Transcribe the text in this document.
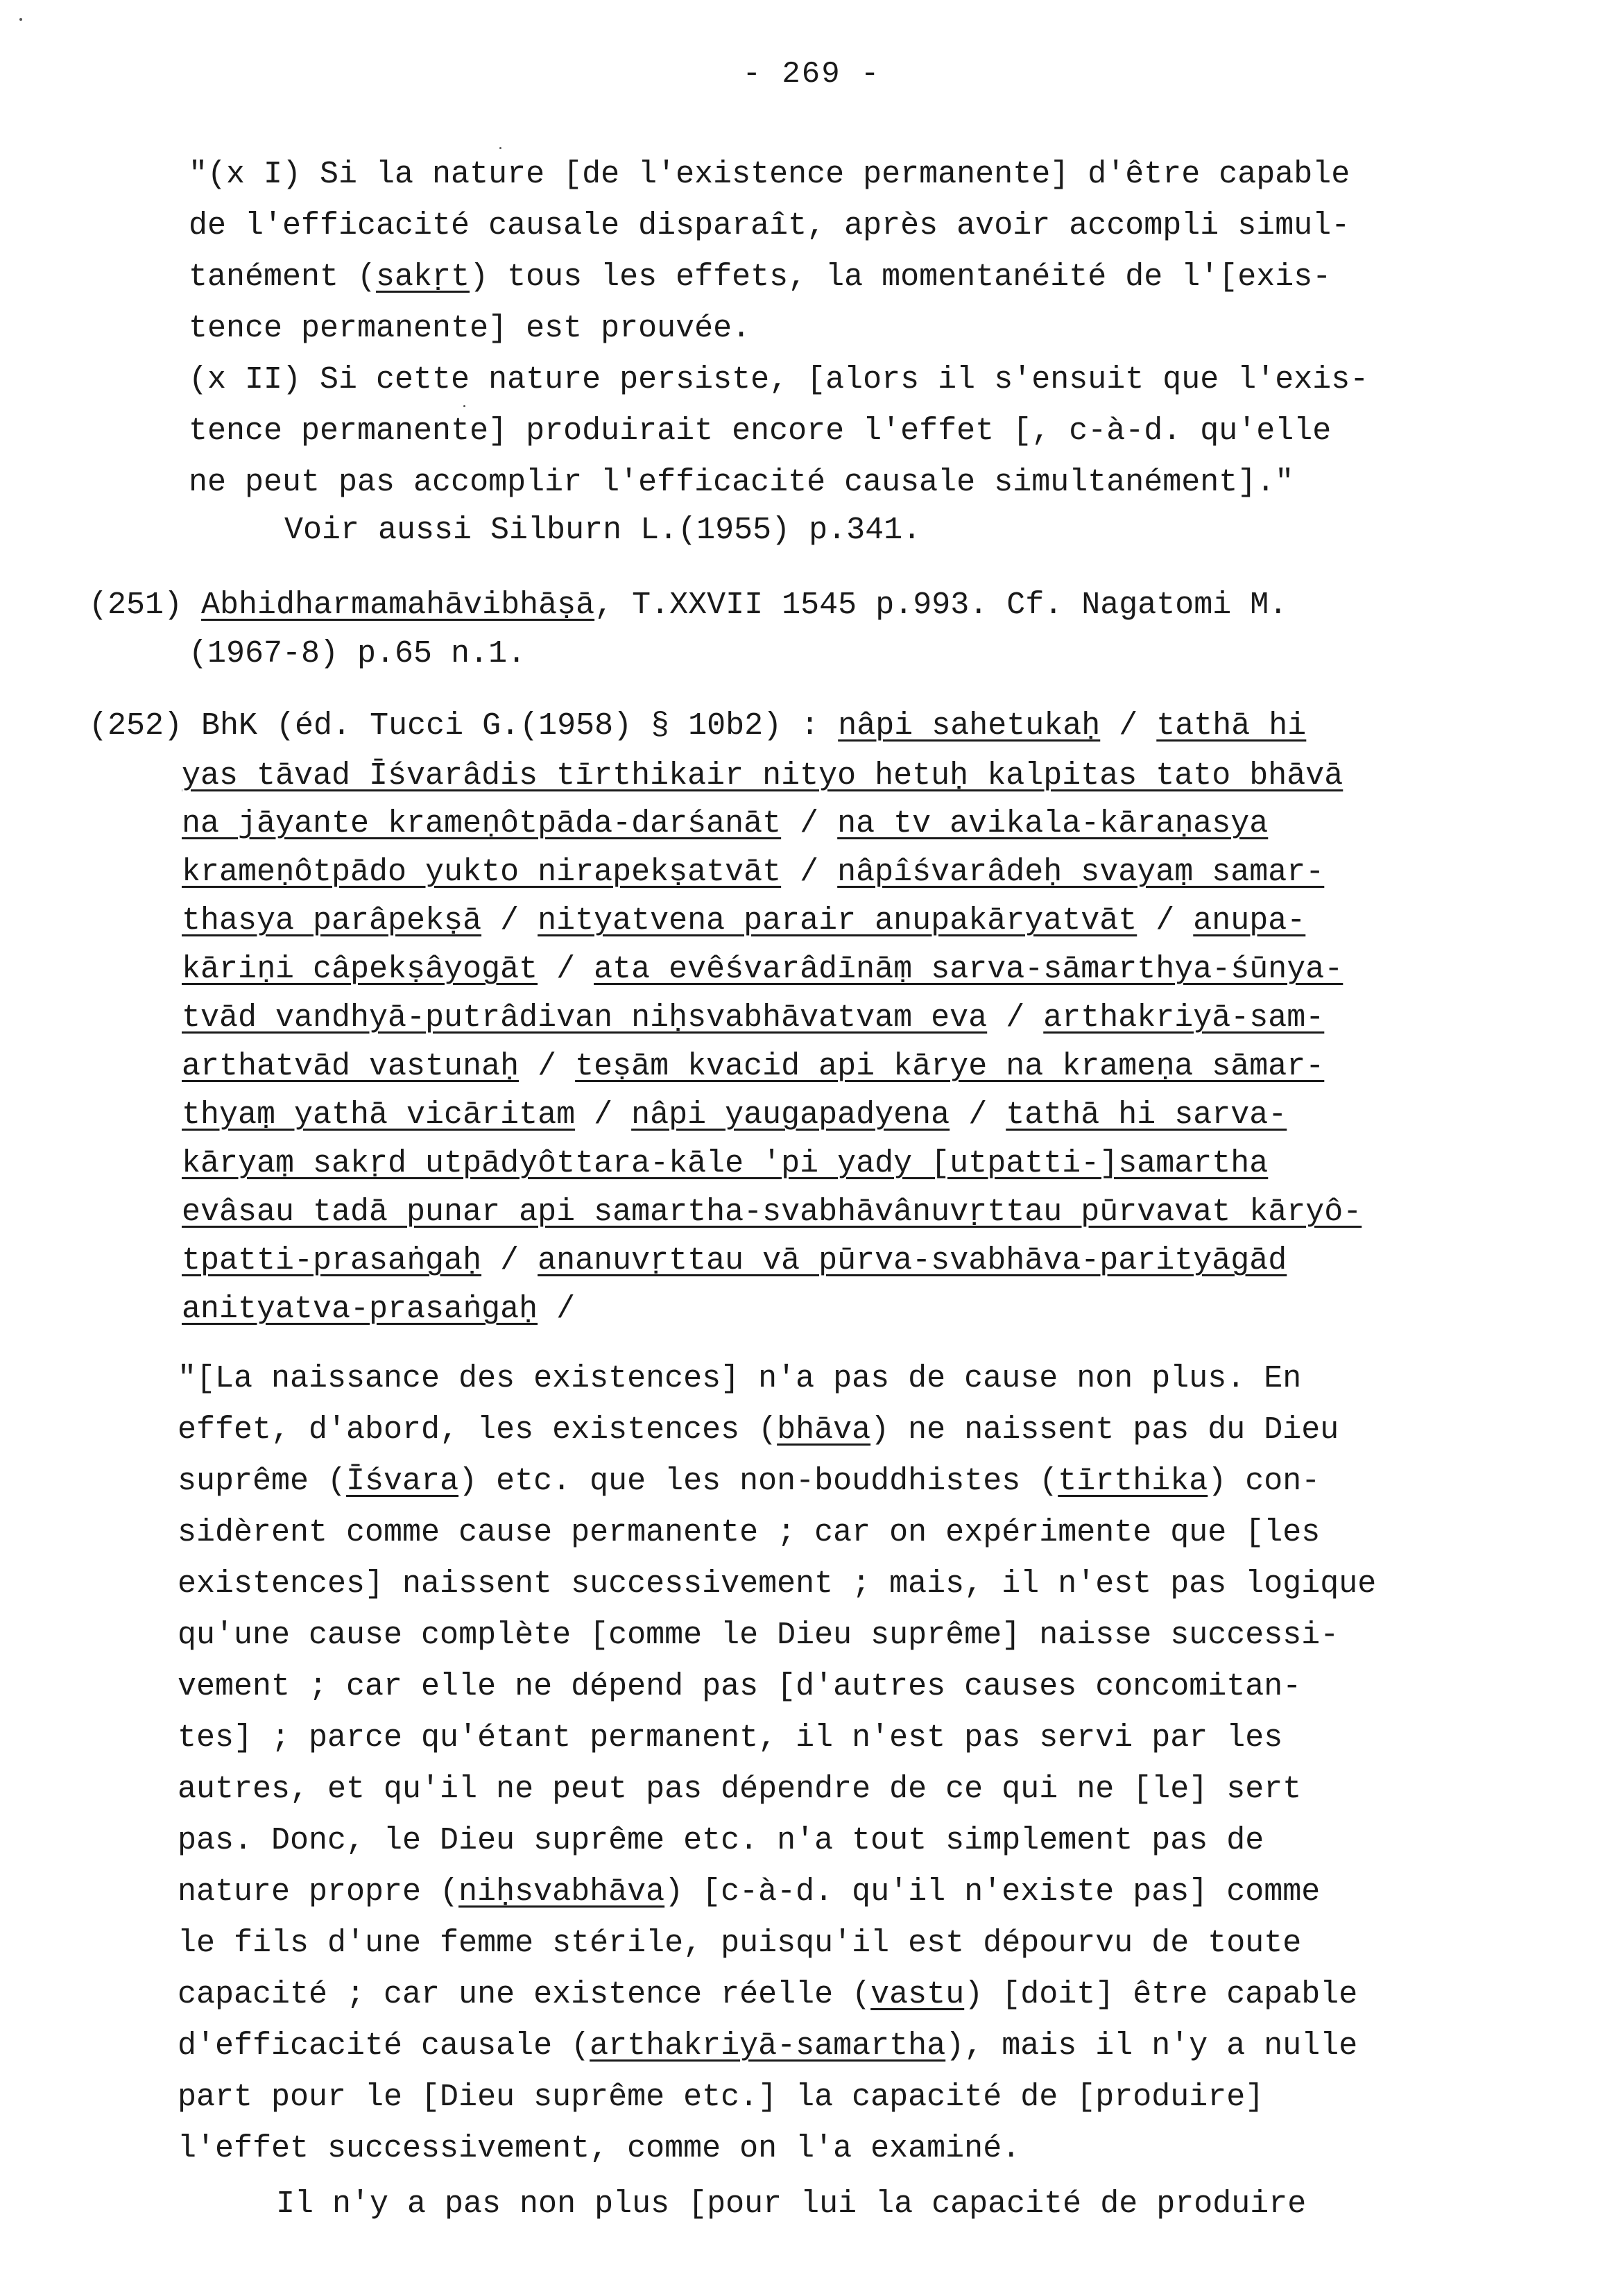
- 269 -
"(x I) Si la nature [de l'existence permanente] d'être capable
de l'efficacité causale disparaît, après avoir accompli simul-
tanément (sakṛt) tous les effets, la momentanéité de l'[exis-
tence permanente] est prouvée.
(x II) Si cette nature persiste, [alors il s'ensuit que l'exis-
tence permanente] produirait encore l'effet [, c-à-d. qu'elle
ne peut pas accomplir l'efficacité causale simultanément]."
Voir aussi Silburn L.(1955) p.341.
(251) Abhidharmamahāvibhāṣā, T.XXVII 1545 p.993. Cf. Nagatomi M.
(1967-8) p.65 n.1.
(252) BhK (éd. Tucci G.(1958) § 10b2) : nâpi sahetukaḥ / tathā hi
yas tāvad Īśvarâdis tīrthikair nityo hetuḥ kalpitas tato bhāvā
na jāyante krameṇôtpāda-darśanāt / na tv avikala-kāraṇasya
krameṇôtpādo yukto nirapekṣatvāt / nâpîśvarâdeḥ svayaṃ samar-
thasya parâpekṣā / nityatvena parair anupakāryatvāt / anupa-
kāriṇi câpekṣâyogāt / ata evêśvarâdīnāṃ sarva-sāmarthya-śūnya-
tvād vandhyā-putrâdivan niḥsvabhāvatvam eva / arthakriyā-sam-
arthatvād vastunaḥ / teṣām kvacid api kārye na krameṇa sāmar-
thyaṃ yathā vicāritam / nâpi yaugapadyena / tathā hi sarva-
kāryaṃ sakṛd utpādyôttara-kāle 'pi yady [utpatti-]samartha
evâsau tadā punar api samartha-svabhāvânuvṛttau pūrvavat kāryô-
tpatti-prasaṅgaḥ / ananuvṛttau vā pūrva-svabhāva-parityāgād
anityatva-prasaṅgaḥ /
"[La naissance des existences] n'a pas de cause non plus. En
effet, d'abord, les existences (bhāva) ne naissent pas du Dieu
suprême (Īśvara) etc. que les non-bouddhistes (tīrthika) con-
sidèrent comme cause permanente ; car on expérimente que [les
existences] naissent successivement ; mais, il n'est pas logique
qu'une cause complète [comme le Dieu suprême] naisse successi-
vement ; car elle ne dépend pas [d'autres causes concomitan-
tes] ; parce qu'étant permanent, il n'est pas servi par les
autres, et qu'il ne peut pas dépendre de ce qui ne [le] sert
pas. Donc, le Dieu suprême etc. n'a tout simplement pas de
nature propre (niḥsvabhāva) [c-à-d. qu'il n'existe pas] comme
le fils d'une femme stérile, puisqu'il est dépourvu de toute
capacité ; car une existence réelle (vastu) [doit] être capable
d'efficacité causale (arthakriyā-samartha), mais il n'y a nulle
part pour le [Dieu suprême etc.] la capacité de [produire]
l'effet successivement, comme on l'a examiné.
Il n'y a pas non plus [pour lui la capacité de produire
